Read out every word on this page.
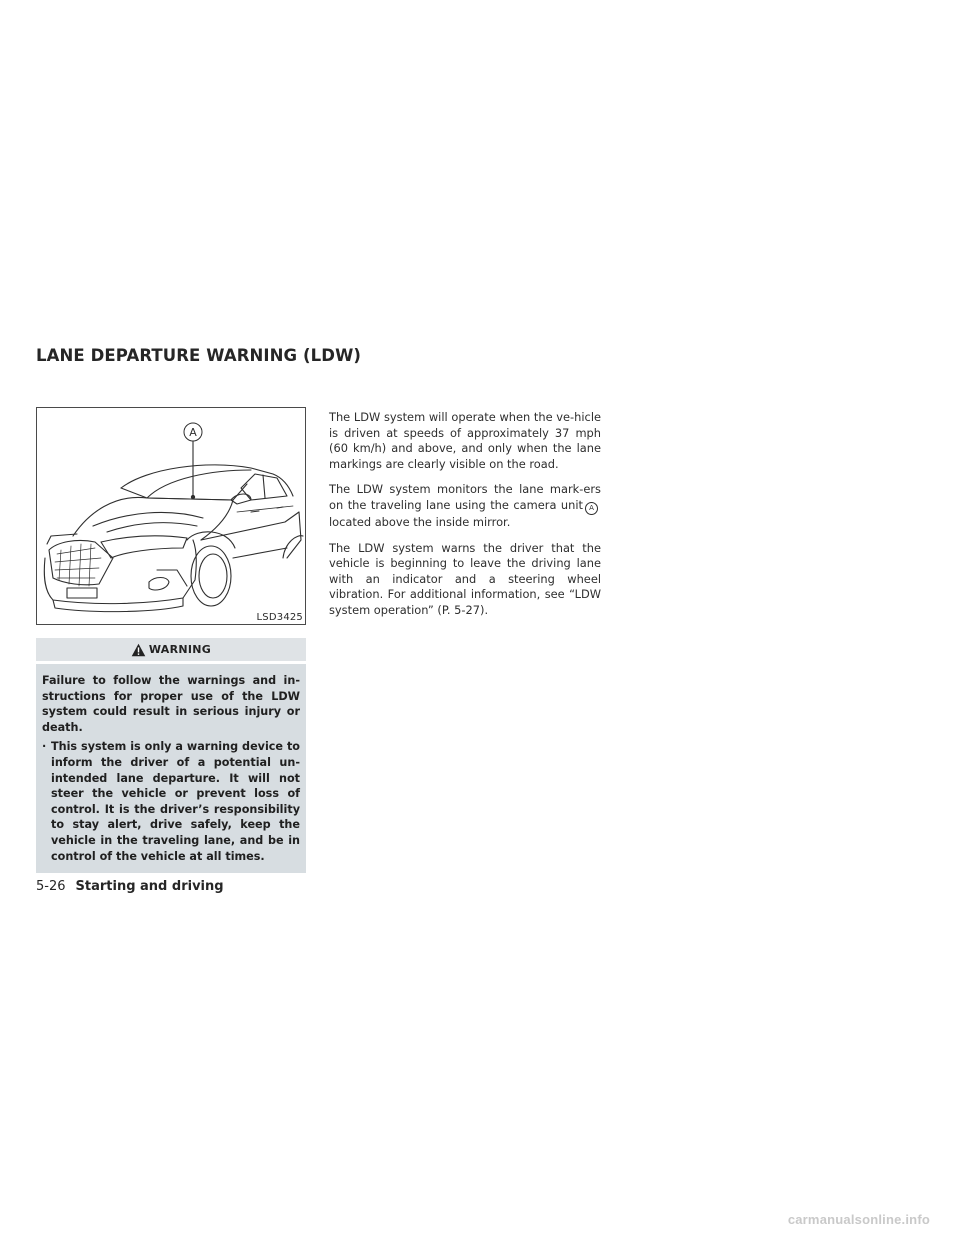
LANE DEPARTURE WARNING (LDW)
A
LSD3425
WARNING

Failure to follow the warnings and in-structions for proper use of the LDW system could result in serious injury or death.

· This system is only a warning device to inform the driver of a potential un-intended lane departure. It will not steer the vehicle or prevent loss of control. It is the driver’s responsibility to stay alert, drive safely, keep the vehicle in the traveling lane, and be in control of the vehicle at all times.

The LDW system will operate when the ve-hicle is driven at speeds of approximately 37 mph (60 km/h) and above, and only when the lane markings are clearly visible on the road.

The LDW system monitors the lane mark-ers on the traveling lane using the camera unit Alocated above the inside mirror.

The LDW system warns the driver that the vehicle is beginning to leave the driving lane with an indicator and a steering wheel vibration. For additional information, see “LDW system operation” (P. 5-27).

5-26 Starting and driving
carmanualsonline.info
